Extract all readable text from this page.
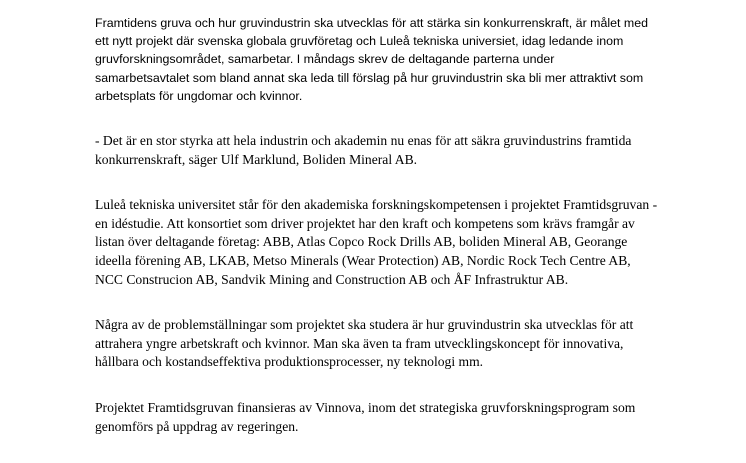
Framtidens gruva och hur gruvindustrin ska utvecklas för att stärka sin konkurrenskraft, är målet med
ett nytt projekt där svenska globala gruvföretag och Luleå tekniska universiet, idag ledande inom
gruvforskningsområdet, samarbetar. I måndags skrev de deltagande parterna under
samarbetsavtalet som bland annat ska leda till förslag på hur gruvindustrin ska bli mer attraktivt som
arbetsplats för ungdomar och kvinnor.

- Det är en stor styrka att hela industrin och akademin nu enas för att säkra gruvindustrins framtida
konkurrenskraft, säger Ulf Marklund, Boliden Mineral AB.

Luleå tekniska universitet står för den akademiska forskningskompetensen i projektet Framtidsgruvan -
en idéstudie. Att konsortiet som driver projektet har den kraft och kompetens som krävs framgår av
listan över deltagande företag: ABB, Atlas Copco Rock Drills AB, boliden Mineral AB, Georange
ideella förening AB, LKAB, Metso Minerals (Wear Protection) AB, Nordic Rock Tech Centre AB,
NCC Construcion AB, Sandvik Mining and Construction AB och ÅF Infrastruktur AB.

Några av de problemställningar som projektet ska studera är hur gruvindustrin ska utvecklas för att
attrahera yngre arbetskraft och kvinnor. Man ska även ta fram utvecklingskoncept för innovativa,
hållbara och kostandseffektiva produktionsprocesser, ny teknologi mm.

Projektet Framtidsgruvan finansieras av Vinnova, inom det strategiska gruvforskningsprogram som
genomförs på uppdrag av regeringen.
